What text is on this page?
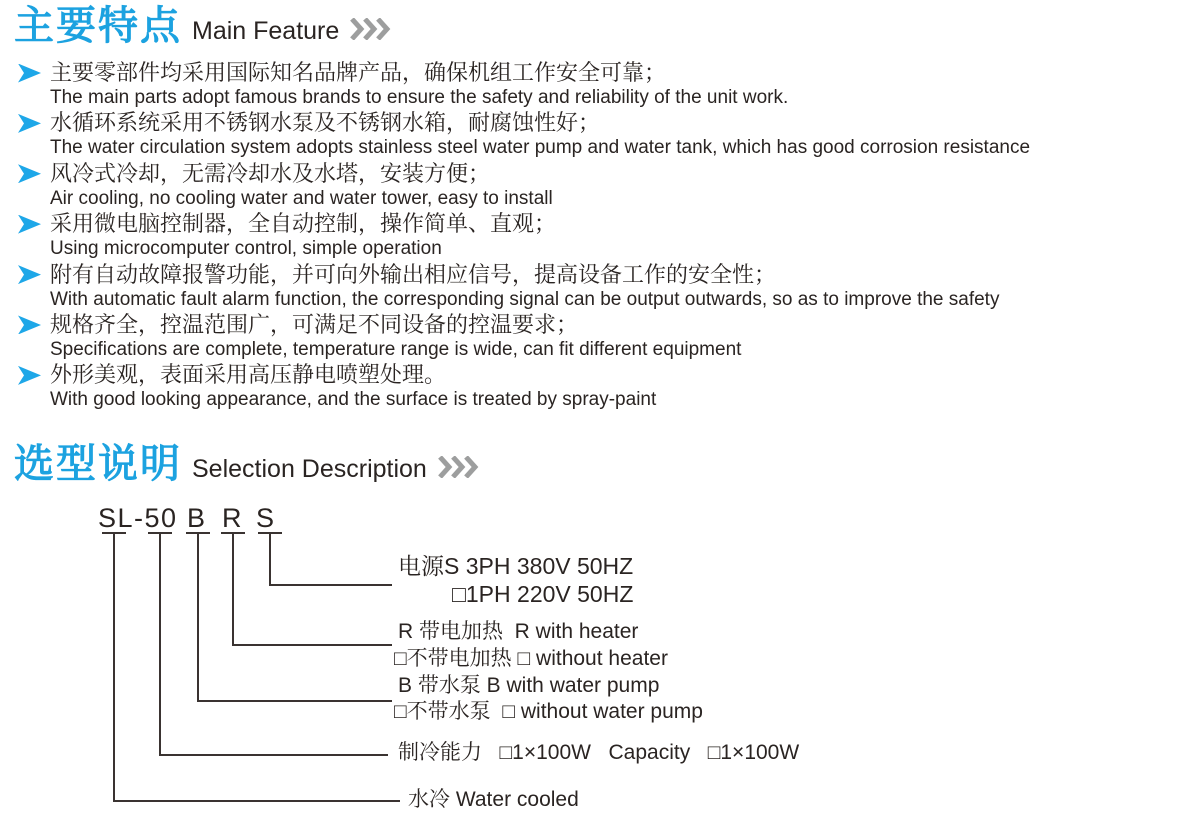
主要特点 Main Feature
主要零部件均采用国际知名品牌产品，确保机组工作安全可靠；
The main parts adopt famous brands to ensure the safety and reliability of the unit work.
水循环系统采用不锈钢水泵及不锈钢水箱，耐腐蚀性好；
The water circulation system adopts stainless steel water pump and water tank, which has good corrosion resistance
风冷式冷却，无需冷却水及水塔，安装方便；
Air cooling, no cooling water and water tower, easy to install
采用微电脑控制器，全自动控制，操作简单、直观；
Using microcomputer control, simple operation
附有自动故障报警功能，并可向外输出相应信号，提高设备工作的安全性；
With automatic fault alarm function, the corresponding signal can be output outwards, so as to improve the safety
规格齐全，控温范围广，可满足不同设备的控温要求；
Specifications are complete, temperature range is wide, can fit different equipment
外形美观，表面采用高压静电喷塑处理。
With good looking appearance, and the surface is treated by spray-paint
选型说明 Selection Description
SL-50 B R S
电源S 3PH 380V 50HZ
□1PH 220V 50HZ
R 带电加热  R with heater
□不带电加热 □ without heater
B 带水泵 B with water pump
□不带水泵  □ without water pump
制冷能力   □1×100W   Capacity   □1×100W
水冷 Water cooled
